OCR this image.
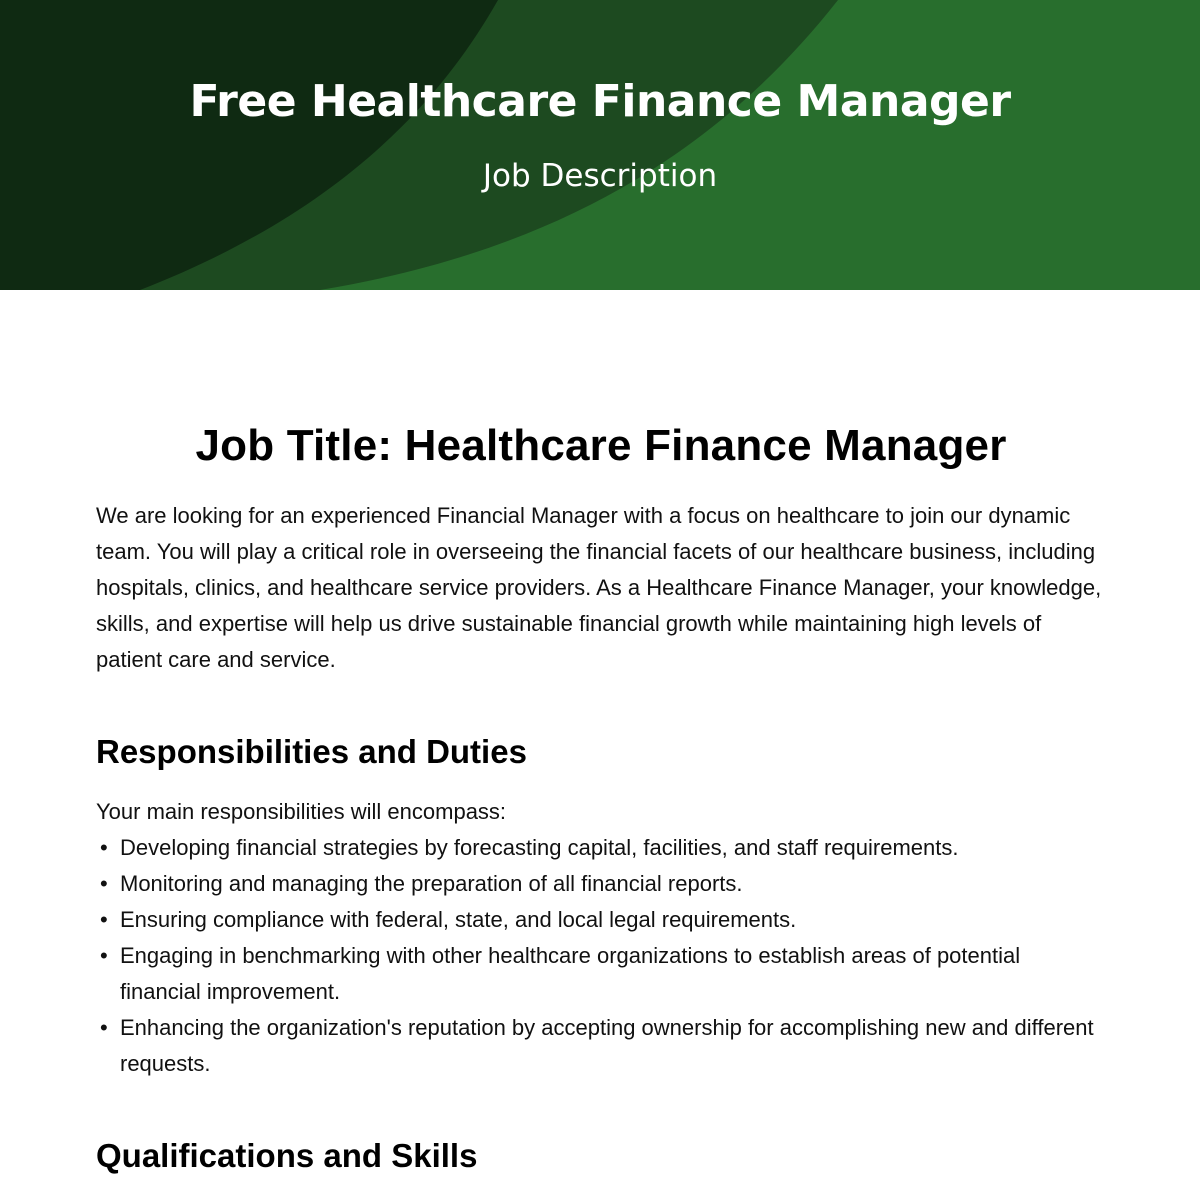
Free Healthcare Finance Manager
Job Description
Job Title: Healthcare Finance Manager

We are looking for an experienced Financial Manager with a focus on healthcare to join our dynamic team. You will play a critical role in overseeing the financial facets of our healthcare business, including hospitals, clinics, and healthcare service providers. As a Healthcare Finance Manager, your knowledge, skills, and expertise will help us drive sustainable financial growth while maintaining high levels of patient care and service.

Responsibilities and Duties

Your main responsibilities will encompass:

• Developing financial strategies by forecasting capital, facilities, and staff requirements.
• Monitoring and managing the preparation of all financial reports.
• Ensuring compliance with federal, state, and local legal requirements.
• Engaging in benchmarking with other healthcare organizations to establish areas of potential financial improvement.
• Enhancing the organization's reputation by accepting ownership for accomplishing new and different requests.
Qualifications and Skills
